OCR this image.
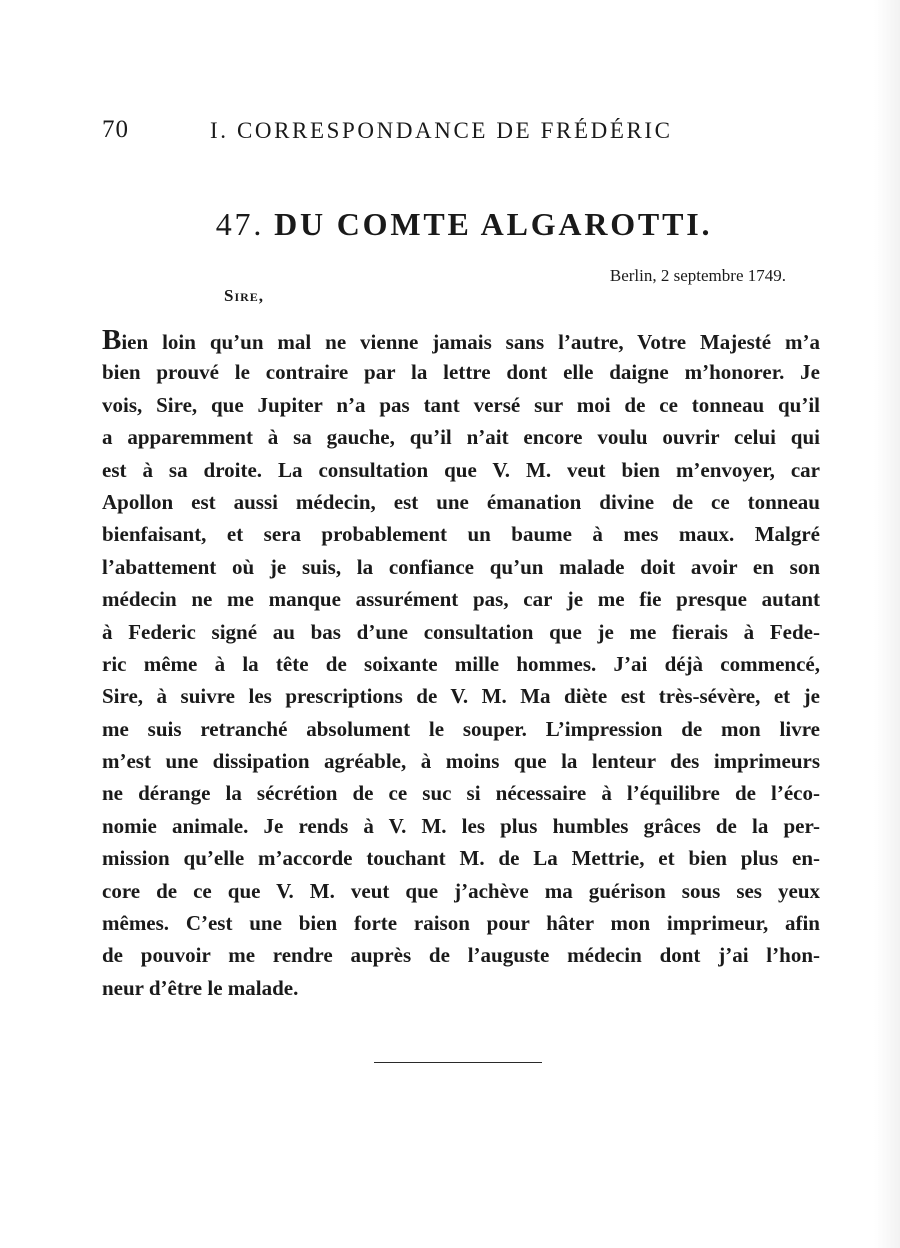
70	I. CORRESPONDANCE DE FRÉDÉRIC
47. DU COMTE ALGAROTTI.
Berlin, 2 septembre 1749.
Sire,
Bien loin qu’un mal ne vienne jamais sans l’autre, Votre Majesté m’a
bien prouvé le contraire par la lettre dont elle daigne m’honorer. Je
vois, Sire, que Jupiter n’a pas tant versé sur moi de ce tonneau qu’il
a apparemment à sa gauche, qu’il n’ait encore voulu ouvrir celui qui
est à sa droite. La consultation que V. M. veut bien m’envoyer, car
Apollon est aussi médecin, est une émanation divine de ce tonneau
bienfaisant, et sera probablement un baume à mes maux. Malgré
l’abattement où je suis, la confiance qu’un malade doit avoir en son
médecin ne me manque assurément pas, car je me fie presque autant
à Federic signé au bas d’une consultation que je me fierais à Fede-
ric même à la tête de soixante mille hommes. J’ai déjà commencé,
Sire, à suivre les prescriptions de V. M. Ma diète est très-sévère, et je
me suis retranché absolument le souper. L’impression de mon livre
m’est une dissipation agréable, à moins que la lenteur des imprimeurs
ne dérange la sécrétion de ce suc si nécessaire à l’équilibre de l’éco-
nomie animale. Je rends à V. M. les plus humbles grâces de la per-
mission qu’elle m’accorde touchant M. de La Mettrie, et bien plus en-
core de ce que V. M. veut que j’achève ma guérison sous ses yeux
mêmes. C’est une bien forte raison pour hâter mon imprimeur, afin
de pouvoir me rendre auprès de l’auguste médecin dont j’ai l’hon-
neur d’être le malade.
